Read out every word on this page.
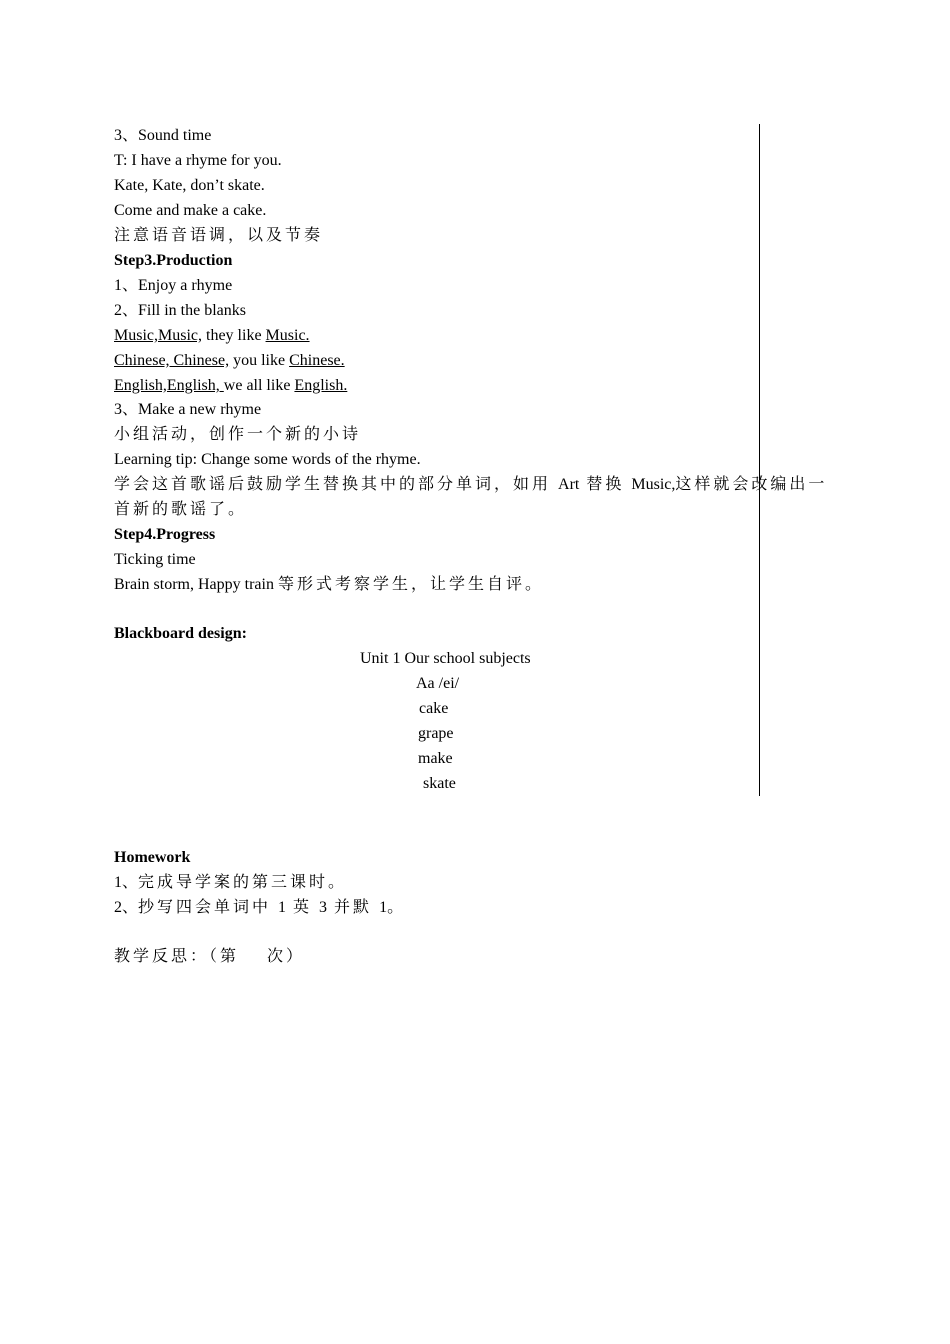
3、Sound time
T: I have a rhyme for you.
Kate, Kate, don’t skate.
Come and make a cake.
注意语音语调，以及节奏
Step3.Production
1、Enjoy a rhyme
2、Fill in the blanks
Music,Music, they like Music.
Chinese, Chinese, you like Chinese.
English,English, we all like English.
3、Make a new rhyme
小组活动，创作一个新的小诗
Learning tip: Change some words of the rhyme.
学会这首歌谣后鼓励学生替换其中的部分单词，如用 Art 替换 Music,这样就会改编出一
首新的歌谣了。
Step4.Progress
Ticking time
Brain storm, Happy train 等形式考察学生，让学生自评。
Blackboard design:
Unit 1 Our school subjects
Aa /ei/
cake
grape
make
skate
Homework
1、完成导学案的第三课时。
2、抄写四会单词中 1 英 3 并默 1。
教学反思：（第    次）
